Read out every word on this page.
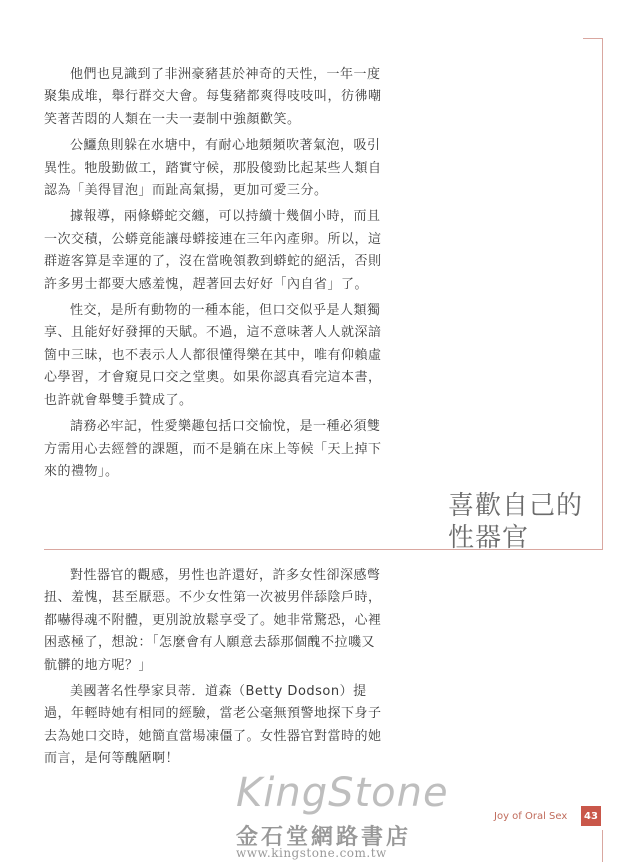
他們也見識到了非洲豪豬甚於神奇的天性，一年一度聚集成堆，舉行群交大會。每隻豬都爽得吱吱叫，彷彿嘲笑著苦悶的人類在一夫一妻制中強顏歡笑。

公鱷魚則躲在水塘中，有耐心地頻頻吹著氣泡，吸引異性。牠殷勤做工，踏實守候，那股傻勁比起某些人類自認為「美得冒泡」而趾高氣揚，更加可愛三分。

據報導，兩條蟒蛇交纏，可以持續十幾個小時，而且一次交積，公蟒竟能讓母蟒接連在三年內產卵。所以，這群遊客算是幸運的了，沒在當晚領教到蟒蛇的絕活，否則許多男士都要大感羞愧，趕著回去好好「內自省」了。

性交，是所有動物的一種本能，但口交似乎是人類獨享、且能好好發揮的天賦。不過，這不意味著人人就深諳箇中三昧，也不表示人人都很懂得樂在其中，唯有仰賴虛心學習，才會窺見口交之堂奧。如果你認真看完這本書，也許就會舉雙手贊成了。

請務必牢記，性愛樂趣包括口交愉悅，是一種必須雙方需用心去經營的課題，而不是躺在床上等候「天上掉下來的禮物」。

喜歡自己的
性器官

對性器官的觀感，男性也許還好，許多女性卻深感彆扭、羞愧，甚至厭惡。不少女性第一次被男伴舔陰戶時，都嚇得魂不附體，更別說放鬆享受了。她非常驚恐，心裡困惑極了，想說：「怎麼會有人願意去舔那個醜不拉嘰又骯髒的地方呢？」

美國著名性學家貝蒂．道森（Betty Dodson）提過，年輕時她有相同的經驗，當老公毫無預警地探下身子去為她口交時，她簡直當場凍僵了。女性器官對當時的她而言，是何等醜陋啊！

Joy of Oral Sex	43
KingStone
金石堂網路書店
www.kingstone.com.tw
